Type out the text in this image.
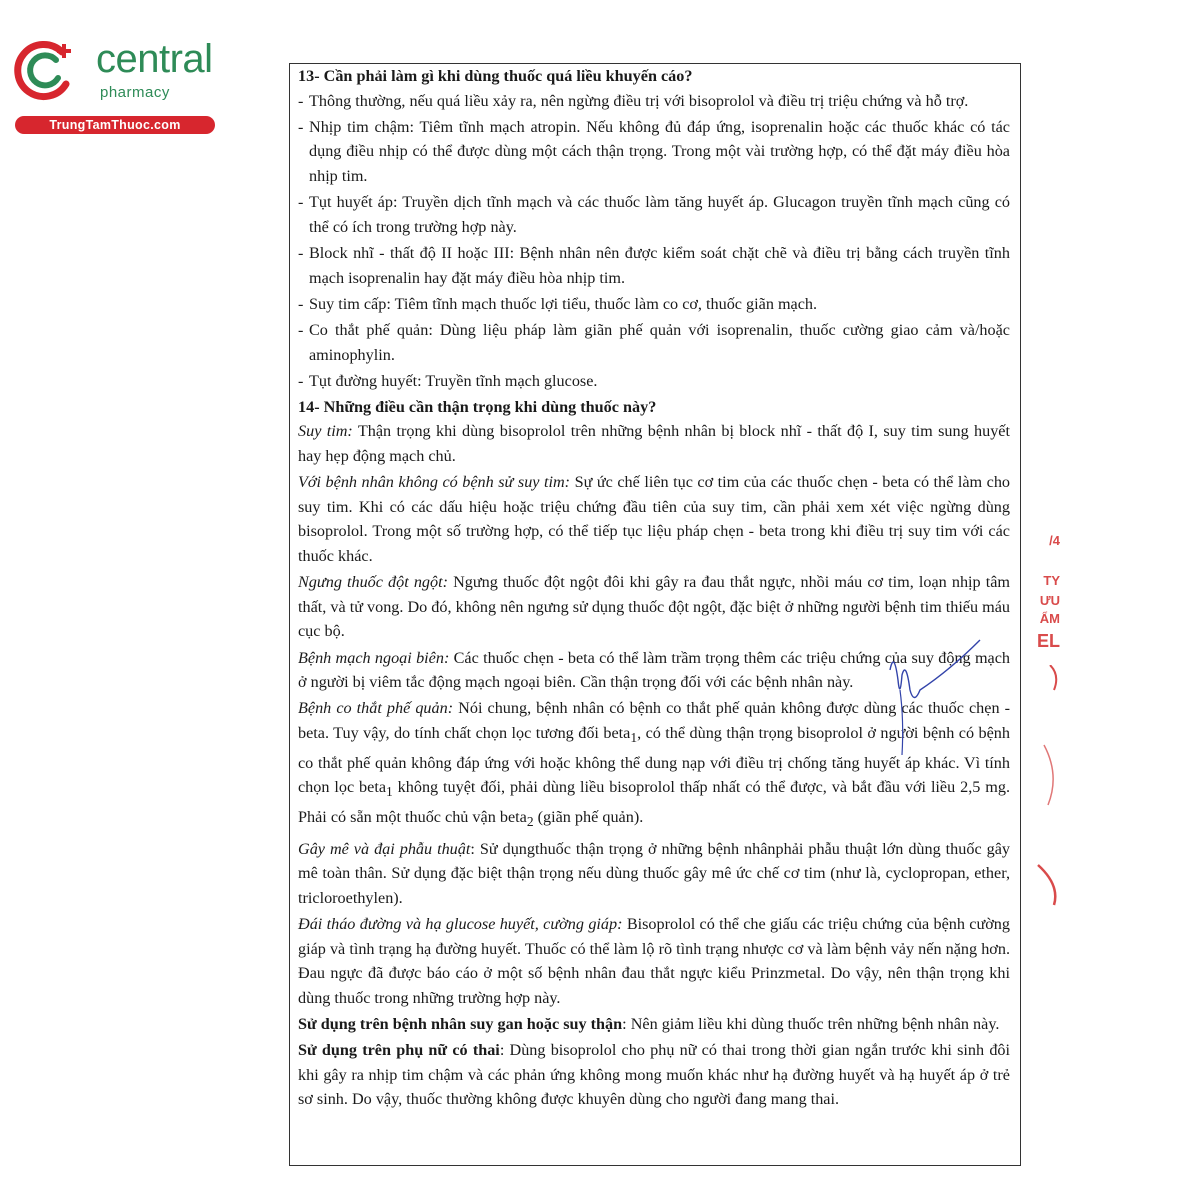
central
pharmacy
TrungTamThuoc.com

13- Cần phải làm gì khi dùng thuốc quá liều khuyến cáo?

- Thông thường, nếu quá liều xảy ra, nên ngừng điều trị với bisoprolol và điều trị triệu chứng và hỗ trợ.

- Nhịp tim chậm: Tiêm tĩnh mạch atropin. Nếu không đủ đáp ứng, isoprenalin hoặc các thuốc khác có tác dụng điều nhịp có thể được dùng một cách thận trọng. Trong một vài trường hợp, có thể đặt máy điều hòa nhịp tim.

- Tụt huyết áp: Truyền dịch tĩnh mạch và các thuốc làm tăng huyết áp. Glucagon truyền tĩnh mạch cũng có thể có ích trong trường hợp này.

- Block nhĩ - thất độ II hoặc III: Bệnh nhân nên được kiểm soát chặt chẽ và điều trị bằng cách truyền tĩnh mạch isoprenalin hay đặt máy điều hòa nhịp tim.

- Suy tim cấp: Tiêm tĩnh mạch thuốc lợi tiểu, thuốc làm co cơ, thuốc giãn mạch.

- Co thắt phế quản: Dùng liệu pháp làm giãn phế quản với isoprenalin, thuốc cường giao cảm và/hoặc aminophylin.

- Tụt đường huyết: Truyền tĩnh mạch glucose.

14- Những điều cần thận trọng khi dùng thuốc này?

Suy tim: Thận trọng khi dùng bisoprolol trên những bệnh nhân bị block nhĩ - thất độ I, suy tim sung huyết hay hẹp động mạch chủ.

Với bệnh nhân không có bệnh sử suy tim: Sự ức chế liên tục cơ tim của các thuốc chẹn - beta có thể làm cho suy tim. Khi có các dấu hiệu hoặc triệu chứng đầu tiên của suy tim, cần phải xem xét việc ngừng dùng bisoprolol. Trong một số trường hợp, có thể tiếp tục liệu pháp chẹn - beta trong khi điều trị suy tim với các thuốc khác.

Ngưng thuốc đột ngột: Ngưng thuốc đột ngột đôi khi gây ra đau thắt ngực, nhồi máu cơ tim, loạn nhịp tâm thất, và tử vong. Do đó, không nên ngưng sử dụng thuốc đột ngột, đặc biệt ở những người bệnh tim thiếu máu cục bộ.

Bệnh mạch ngoại biên: Các thuốc chẹn - beta có thể làm trầm trọng thêm các triệu chứng của suy động mạch ở người bị viêm tắc động mạch ngoại biên. Cần thận trọng đối với các bệnh nhân này.

Bệnh co thắt phế quản: Nói chung, bệnh nhân có bệnh co thắt phế quản không được dùng các thuốc chẹn - beta. Tuy vậy, do tính chất chọn lọc tương đối beta$_1$, có thể dùng thận trọng bisoprolol ở người bệnh có bệnh co thắt phế quản không đáp ứng với hoặc không thể dung nạp với điều trị chống tăng huyết áp khác. Vì tính chọn lọc beta$_1$ không tuyệt đối, phải dùng liều bisoprolol thấp nhất có thể được, và bắt đầu với liều 2,5 mg. Phải có sẵn một thuốc chủ vận beta$_2$ (giãn phế quản).

Gây mê và đại phẫu thuật: Sử dụngthuốc thận trọng ở những bệnh nhânphải phẫu thuật lớn dùng thuốc gây mê toàn thân. Sử dụng đặc biệt thận trọng nếu dùng thuốc gây mê ức chế cơ tim (như là, cyclopropan, ether, tricloroethylen).

Đái tháo đường và hạ glucose huyết, cường giáp: Bisoprolol có thể che giấu các triệu chứng của bệnh cường giáp và tình trạng hạ đường huyết. Thuốc có thể làm lộ rõ tình trạng nhược cơ và làm bệnh vảy nến nặng hơn. Đau ngực đã được báo cáo ở một số bệnh nhân đau thắt ngực kiểu Prinzmetal. Do vậy, nên thận trọng khi dùng thuốc trong những trường hợp này.

Sử dụng trên bệnh nhân suy gan hoặc suy thận: Nên giảm liều khi dùng thuốc trên những bệnh nhân này.

Sử dụng trên phụ nữ có thai: Dùng bisoprolol cho phụ nữ có thai trong thời gian ngắn trước khi sinh đôi khi gây ra nhịp tim chậm và các phản ứng không mong muốn khác như hạ đường huyết và hạ huyết áp ở trẻ sơ sinh. Do vậy, thuốc thường không được khuyên dùng cho người đang mang thai.

/4
TY
ƯU
ẨM
EL
